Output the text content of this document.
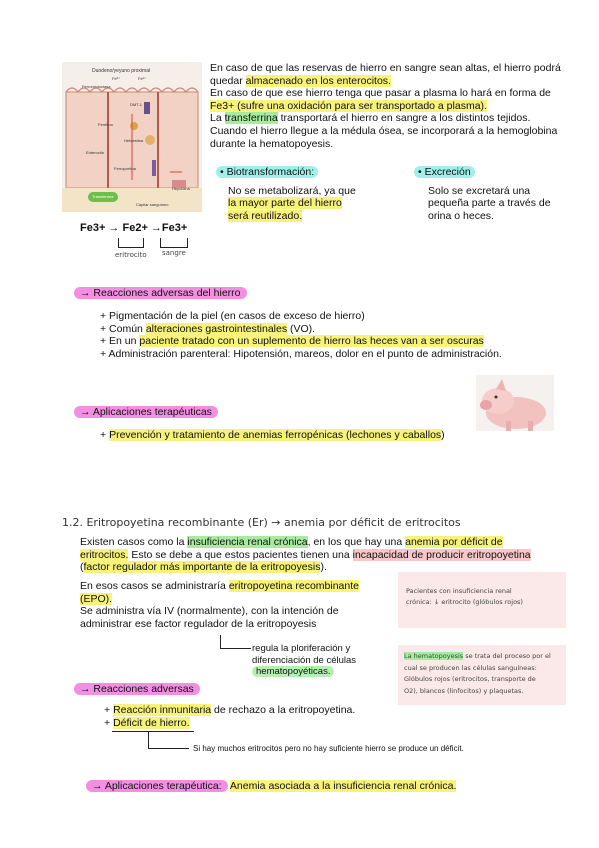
Duodeno/yeyuno proximal
Fe³⁺	Fe²⁺
Ferrorreductasa
DMT-1
Ferritina
Hefaestina
Enterocito
Ferroportina
Hepcidina
Transferrina
Capilar sanguíneo
Fe3+ → Fe2+ →Fe3+
eritrocito sangre
En caso de que las reservas de hierro en sangre sean altas, el hierro podrá
quedar almacenado en los enterocitos.
En caso de que ese hierro tenga que pasar a plasma lo hará en forma de
Fe3+ (sufre una oxidación para ser transportado a plasma).
La transferrina transportará el hierro en sangre a los distintos tejidos.
Cuando el hierro llegue a la médula ósea, se incorporará a la hemoglobina
durante la hematopoyesis.
• Biotransformación:
No se metabolizará, ya que
la mayor parte del hierro
será reutilizado.
• Excreción
Solo se excretará una
pequeña parte a través de
orina o heces.
→ Reacciones adversas del hierro
+ Pigmentación de la piel (en casos de exceso de hierro)
+ Común alteraciones gastrointestinales (VO).
+ En un paciente tratado con un suplemento de hierro las heces van a ser oscuras
+ Administración parenteral: Hipotensión, mareos, dolor en el punto de administración.
→ Aplicaciones terapéuticas
+ Prevención y tratamiento de anemias ferropénicas (lechones y caballos)
1.2. Eritropoyetina recombinante (Er) → anemia por déficit de eritrocitos
Existen casos como la insuficiencia renal crónica, en los que hay una anemia por déficit de
eritrocitos. Esto se debe a que estos pacientes tienen una incapacidad de producir eritropoyetina
(factor regulador más importante de la eritropoyesis).
En esos casos se administraría eritropoyetina recombinante
(EPO).
Se administra vía IV (normalmente), con la intención de
administrar ese factor regulador de la eritropoyesis
regula la ploriferación y
diferenciación de células
hematopoyéticas.
Pacientes con insuficiencia renal
crónica: ↓ eritrocito (glóbulos rojos)
La hematopoyesis se trata del proceso por el
cual se producen las células sanguíneas:
Glóbulos rojos (eritrocitos, transporte de
O2), blancos (linfocitos) y plaquetas.
→ Reacciones adversas
+ Reacción inmunitaria de rechazo a la eritropoyetina.
+ Déficit de hierro.
Si hay muchos eritrocitos pero no hay suficiente hierro se produce un déficit.
→ Aplicaciones terapéutica: Anemia asociada a la insuficiencia renal crónica.
